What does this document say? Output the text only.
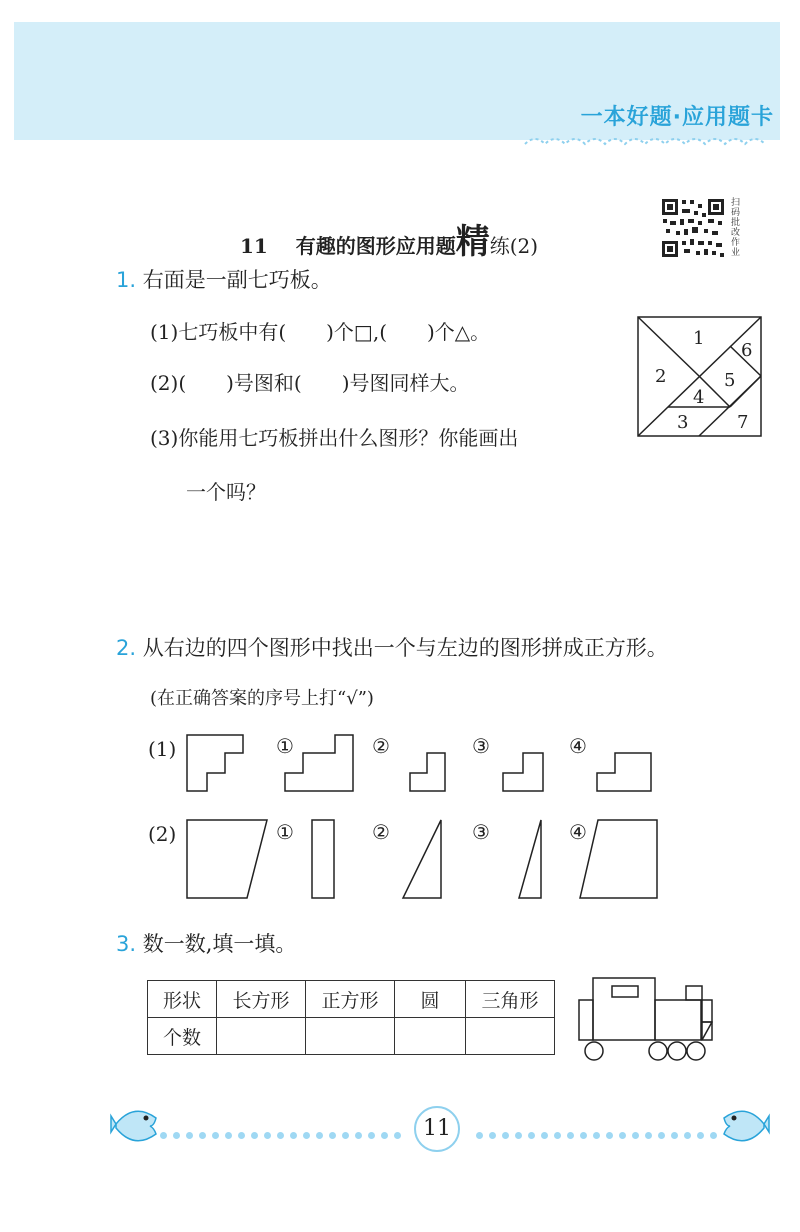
一本好题·应用题卡
11 有趣的图形应用题精练(2)
扫码批改作业
1. 右面是一副七巧板。
(1)七巧板中有(　　)个□,(　　)个△。
(2)(　　)号图和(　　)号图同样大。
(3)你能用七巧板拼出什么图形？你能画出
一个吗？
1
2
3
4
5
6
7
2. 从右边的四个图形中找出一个与左边的图形拼成正方形。
(在正确答案的序号上打“√”)
(1)	①	②	③	④
(2)	①	②	③	④
3. 数一数,填一填。
形状	长方形	正方形	圆	三角形
个数				
11
